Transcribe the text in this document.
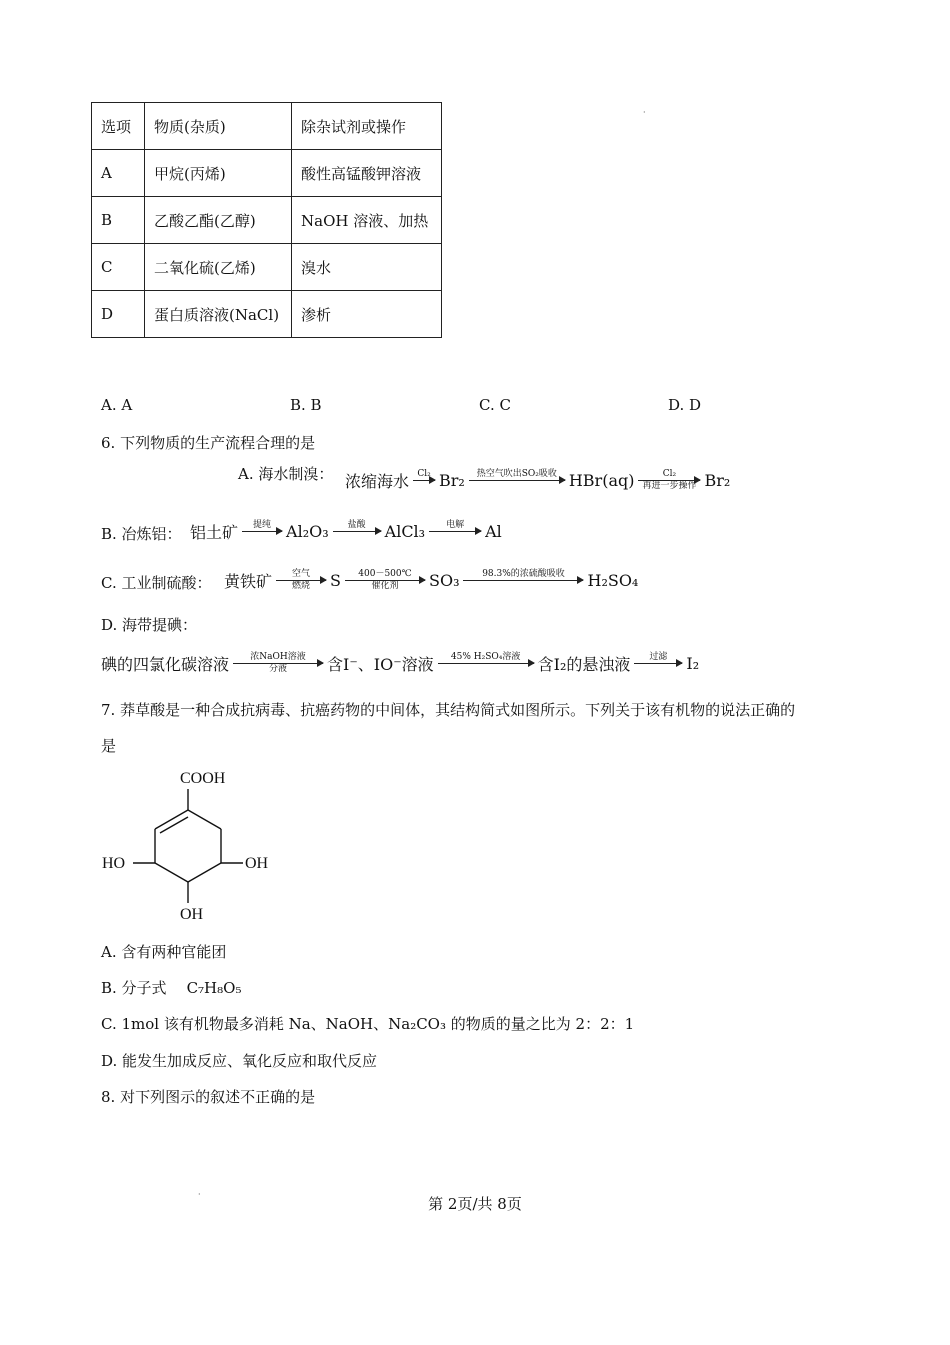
选项	物质(杂质)	除杂试剂或操作
A	甲烷(丙烯)	酸性高锰酸钾溶液
B	乙酸乙酯(乙醇)	NaOH 溶液、加热
C	二氧化硫(乙烯)	溴水
D	蛋白质溶液(NaCl)	渗析
·
A. A	B. B	C. C	D. D
6. 下列物质的生产流程合理的是
A. 海水制溴： 浓缩海水 Cl₂ Br₂ 热空气吹出SO₂吸收 HBr(aq)	Cl₂
再进一步操作 Br₂
B. 冶炼铝： 铝土矿 提纯 Al₂O₃ 盐酸 AlCl₃ 电解 Al
C. 工业制硫酸： 黄铁矿 空气
燃烧 S 400－500℃
催化剂 SO₃	98.3%的浓硫酸吸收 H₂SO₄
D. 海带提碘：
碘的四氯化碳溶液 浓NaOH溶液
分液	含I⁻、IO⁻溶液 45% H₂SO₄溶液 含I₂的悬浊液 过滤 I₂
7. 莽草酸是一种合成抗病毒、抗癌药物的中间体，其结构简式如图所示。下列关于该有机物的说法正确的
是
COOH
HO	OH
OH
A. 含有两种官能团
B. 分子式 C₇H₈O₅
C. 1mol 该有机物最多消耗 Na、NaOH、Na₂CO₃ 的物质的量之比为 2：2：1
D. 能发生加成反应、氧化反应和取代反应
8. 对下列图示的叙述不正确的是
·
第 2页/共 8页
